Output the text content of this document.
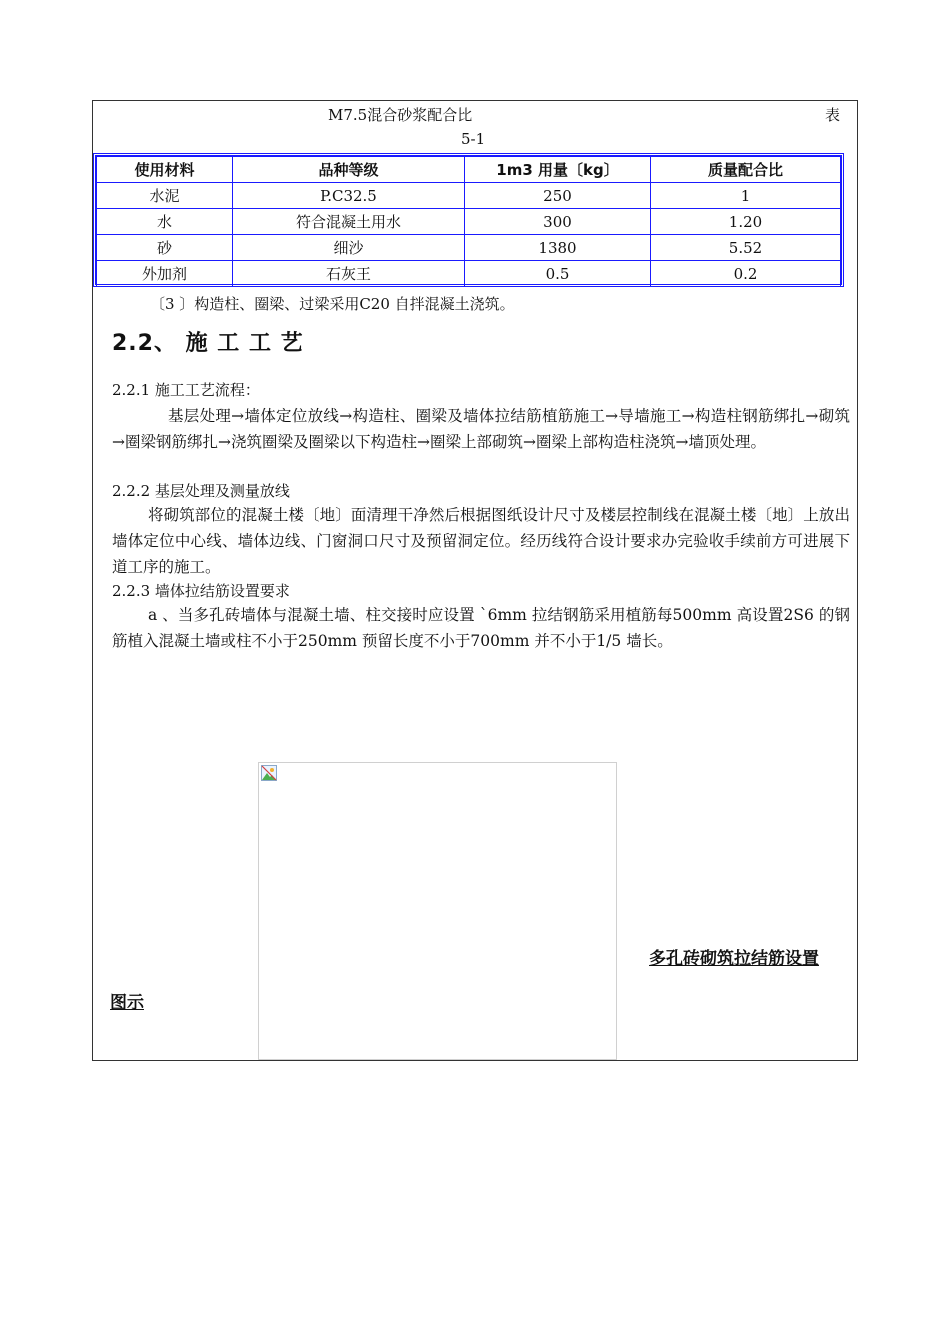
M7.5混合砂浆配合比	表
5-1
使用材料	品种等级	1m3 用量〔kg〕	质量配合比
水泥	P.C32.5	250	1
水	符合混凝土用水	300	1.20
砂	细沙	1380	5.52
外加剂	石灰王	0.5	0.2
〔3 〕构造柱、圈梁、过梁采用C20 自拌混凝土浇筑。
2.2、 施 工 工 艺
2.2.1 施工工艺流程：
基层处理→墙体定位放线→构造柱、圈梁及墙体拉结筋植筋施工→导墙施工→构造柱钢筋绑扎→砌筑→圈梁钢筋绑扎→浇筑圈梁及圈梁以下构造柱→圈梁上部砌筑→圈梁上部构造柱浇筑→墙顶处理。
2.2.2 基层处理及测量放线
将砌筑部位的混凝土楼〔地〕面清理干净然后根据图纸设计尺寸及楼层控制线在混凝土楼〔地〕上放出墙体定位中心线、墙体边线、门窗洞口尺寸及预留洞定位。经历线符合设计要求办完验收手续前方可进展下道工序的施工。
2.2.3 墙体拉结筋设置要求
a 、当多孔砖墙体与混凝土墙、柱交接时应设置 `6mm 拉结钢筋采用植筋每500mm 高设置2Ѕ6 的钢筋植入混凝土墙或柱不小于250mm 预留长度不小于700mm 并不小于1/5 墙长。
多孔砖砌筑拉结筋设置
图示
